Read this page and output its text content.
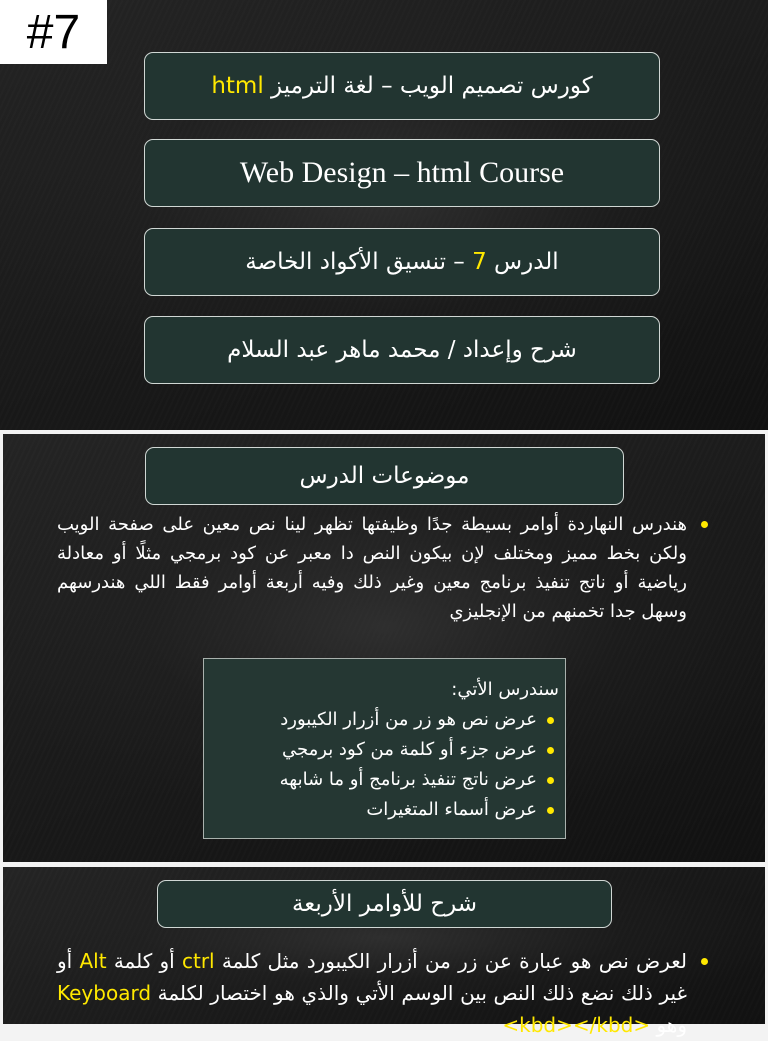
#7
كورس تصميم الويب – لغة الترميز html
Web Design – html Course
الدرس 7 – تنسيق الأكواد الخاصة
شرح وإعداد / محمد ماهر عبد السلام
موضوعات الدرس
هندرس النهاردة أوامر بسيطة جدًا وظيفتها تظهر لينا نص معين على صفحة الويب ولكن بخط مميز ومختلف لإن بيكون النص دا معبر عن كود برمجي مثلًا أو معادلة رياضية أو ناتج تنفيذ برنامج معين وغير ذلك وفيه أربعة أوامر فقط اللي هندرسهم وسهل جدا تخمنهم من الإنجليزي
سندرس الأتي:
عرض نص هو زر من أزرار الكيبورد
عرض جزء أو كلمة من كود برمجي
عرض ناتج تنفيذ برنامج أو ما شابهه
عرض أسماء المتغيرات
شرح للأوامر الأربعة
لعرض نص هو عبارة عن زر من أزرار الكيبورد مثل كلمة ctrl أو كلمة Alt أو غير ذلك نضع ذلك النص بين الوسم الأتي والذي هو اختصار لكلمة Keyboard وهو <kbd></kbd>
